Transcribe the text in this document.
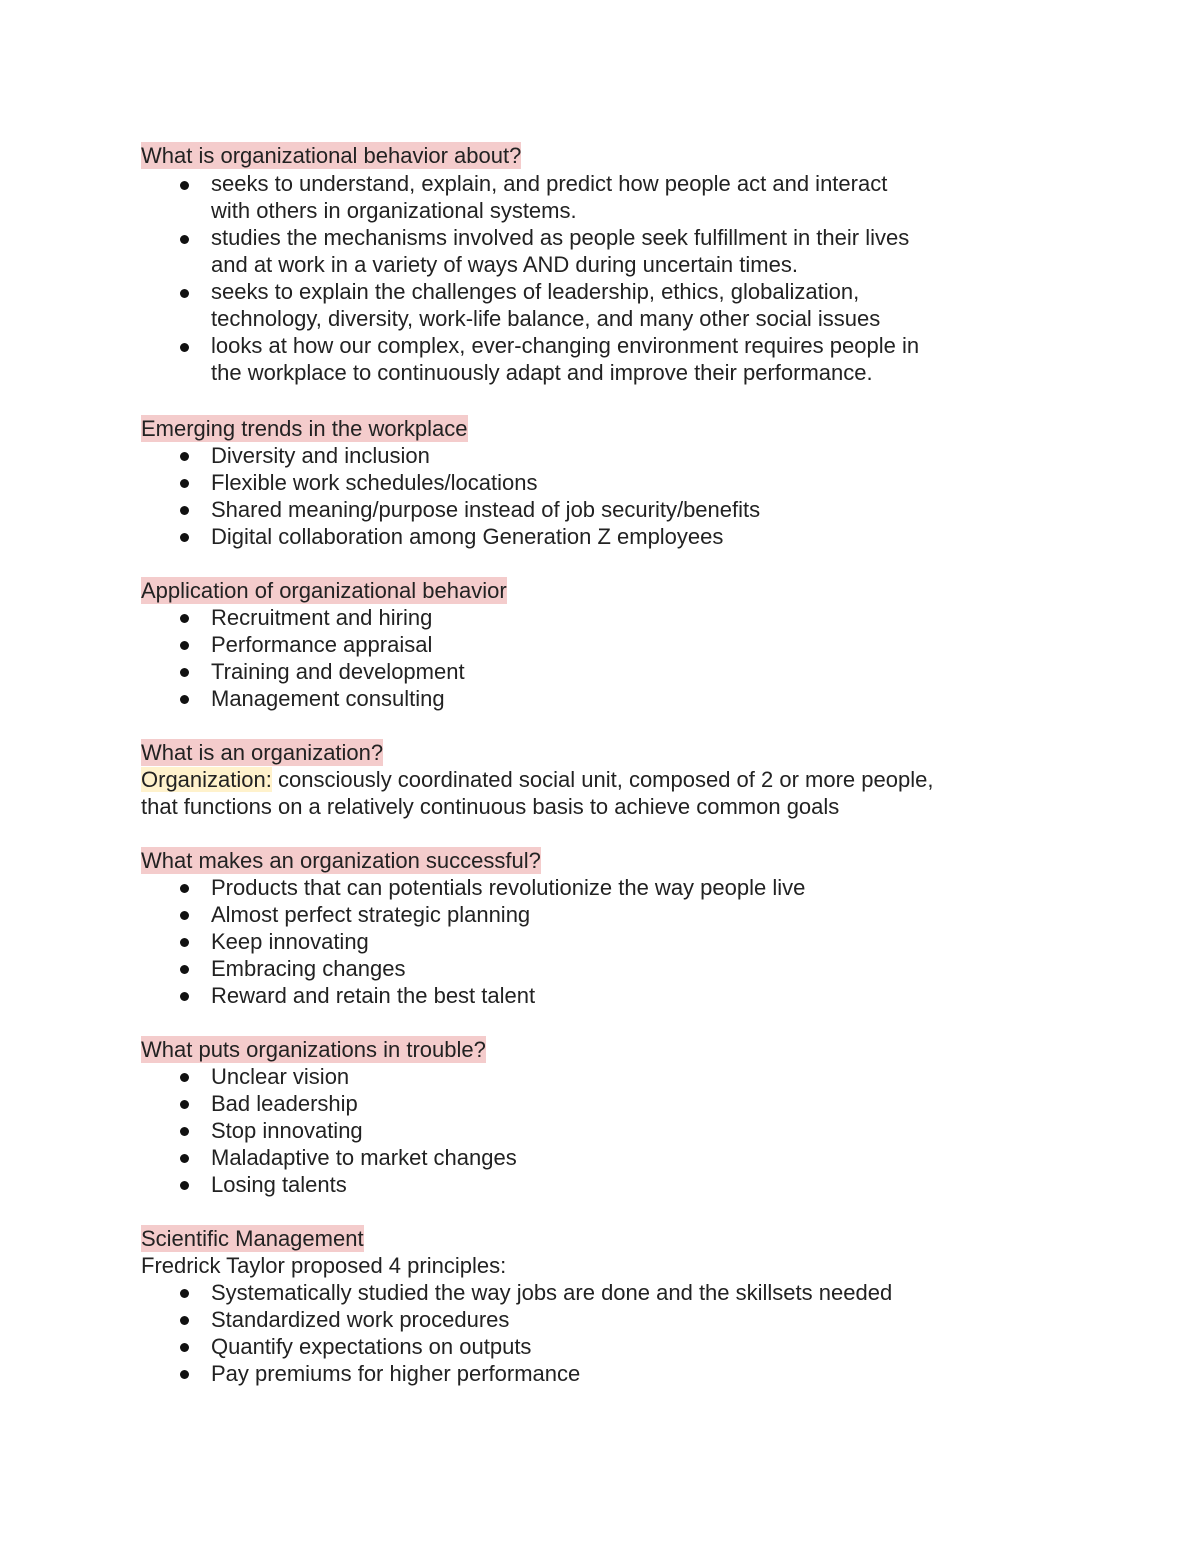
What is organizational behavior about?
seeks to understand, explain, and predict how people act and interact
with others in organizational systems.
studies the mechanisms involved as people seek fulfillment in their lives
and at work in a variety of ways AND during uncertain times.
seeks to explain the challenges of leadership, ethics, globalization,
technology, diversity, work-life balance, and many other social issues
looks at how our complex, ever-changing environment requires people in
the workplace to continuously adapt and improve their performance.
Emerging trends in the workplace
Diversity and inclusion
Flexible work schedules/locations
Shared meaning/purpose instead of job security/benefits
Digital collaboration among Generation Z employees
Application of organizational behavior
Recruitment and hiring
Performance appraisal
Training and development
Management consulting
What is an organization?

Organization: consciously coordinated social unit, composed of 2 or more people,
that functions on a relatively continuous basis to achieve common goals

What makes an organization successful?
Products that can potentials revolutionize the way people live
Almost perfect strategic planning
Keep innovating
Embracing changes
Reward and retain the best talent
What puts organizations in trouble?
Unclear vision
Bad leadership
Stop innovating
Maladaptive to market changes
Losing talents
Scientific Management

Fredrick Taylor proposed 4 principles:

Systematically studied the way jobs are done and the skillsets needed
Standardized work procedures
Quantify expectations on outputs
Pay premiums for higher performance
